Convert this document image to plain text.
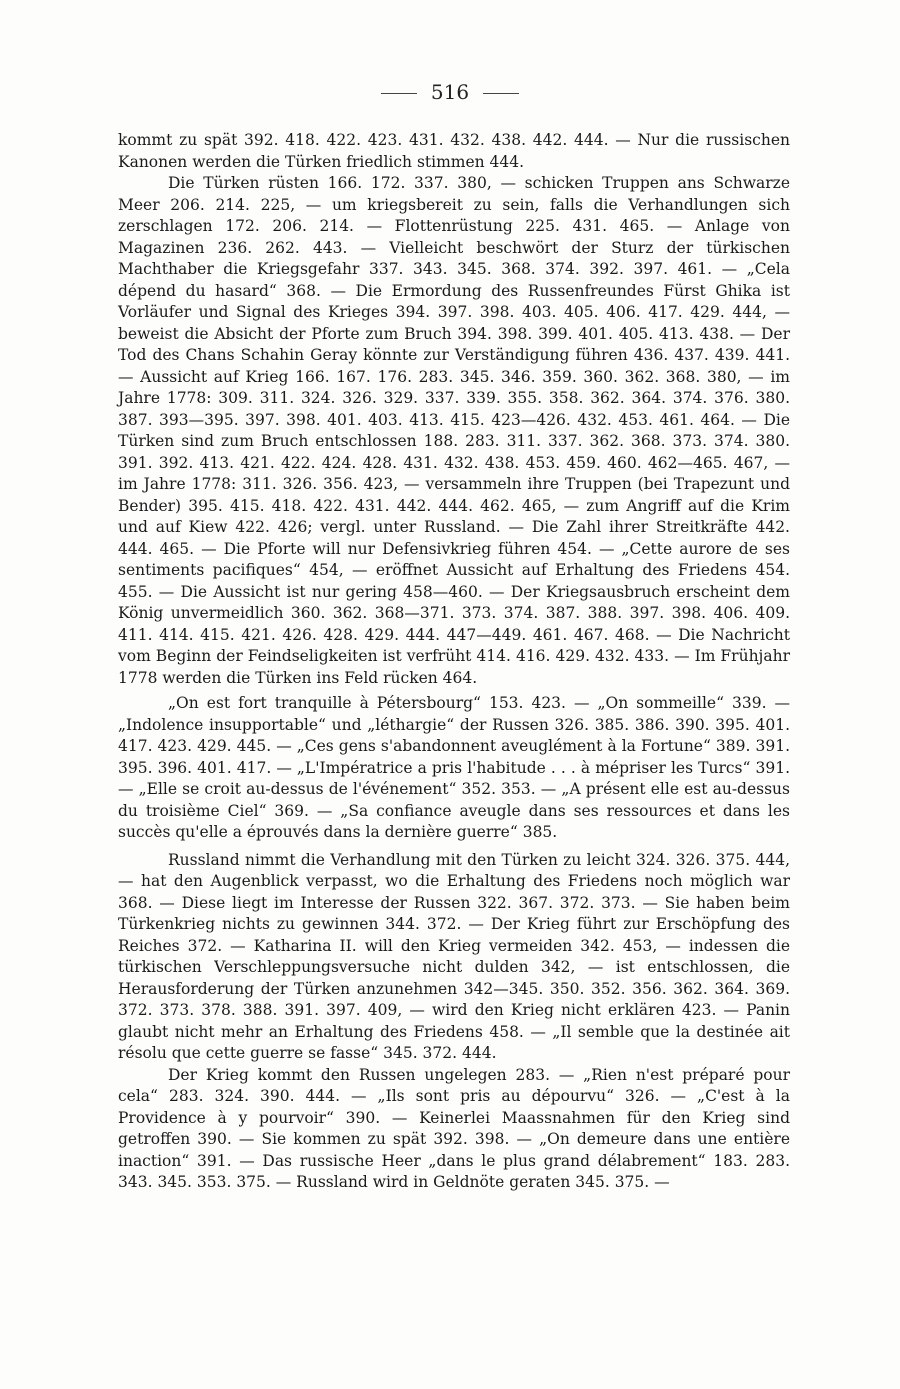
516

kommt zu spät 392. 418. 422. 423. 431. 432. 438. 442. 444. — Nur die russischen Kanonen werden die Türken friedlich stimmen 444.

Die Türken rüsten 166. 172. 337. 380, — schicken Truppen ans Schwarze Meer 206. 214. 225, — um kriegsbereit zu sein, falls die Verhandlungen sich zerschlagen 172. 206. 214. — Flottenrüstung 225. 431. 465. — Anlage von Magazinen 236. 262. 443. — Vielleicht beschwört der Sturz der türkischen Machthaber die Kriegsgefahr 337. 343. 345. 368. 374. 392. 397. 461. — „Cela dépend du hasard“ 368. — Die Ermordung des Russenfreundes Fürst Ghika ist Vorläufer und Signal des Krieges 394. 397. 398. 403. 405. 406. 417. 429. 444, — beweist die Absicht der Pforte zum Bruch 394. 398. 399. 401. 405. 413. 438. — Der Tod des Chans Schahin Geray könnte zur Verständigung führen 436. 437. 439. 441. — Aussicht auf Krieg 166. 167. 176. 283. 345. 346. 359. 360. 362. 368. 380, — im Jahre 1778: 309. 311. 324. 326. 329. 337. 339. 355. 358. 362. 364. 374. 376. 380. 387. 393—395. 397. 398. 401. 403. 413. 415. 423—426. 432. 453. 461. 464. — Die Türken sind zum Bruch entschlossen 188. 283. 311. 337. 362. 368. 373. 374. 380. 391. 392. 413. 421. 422. 424. 428. 431. 432. 438. 453. 459. 460. 462—465. 467, — im Jahre 1778: 311. 326. 356. 423, — versammeln ihre Truppen (bei Trapezunt und Bender) 395. 415. 418. 422. 431. 442. 444. 462. 465, — zum Angriff auf die Krim und auf Kiew 422. 426; vergl. unter Russland. — Die Zahl ihrer Streitkräfte 442. 444. 465. — Die Pforte will nur Defensivkrieg führen 454. — „Cette aurore de ses sentiments pacifiques“ 454, — eröffnet Aussicht auf Erhaltung des Friedens 454. 455. — Die Aussicht ist nur gering 458—460. — Der Kriegsausbruch erscheint dem König unvermeidlich 360. 362. 368—371. 373. 374. 387. 388. 397. 398. 406. 409. 411. 414. 415. 421. 426. 428. 429. 444. 447—449. 461. 467. 468. — Die Nachricht vom Beginn der Feindseligkeiten ist verfrüht 414. 416. 429. 432. 433. — Im Frühjahr 1778 werden die Türken ins Feld rücken 464.

„On est fort tranquille à Pétersbourg“ 153. 423. — „On sommeille“ 339. — „Indolence insupportable“ und „léthargie“ der Russen 326. 385. 386. 390. 395. 401. 417. 423. 429. 445. — „Ces gens s'abandonnent aveuglément à la Fortune“ 389. 391. 395. 396. 401. 417. — „L'Impératrice a pris l'habitude . . . à mépriser les Turcs“ 391. — „Elle se croit au-dessus de l'événement“ 352. 353. — „A présent elle est au-dessus du troisième Ciel“ 369. — „Sa confiance aveugle dans ses ressources et dans les succès qu'elle a éprouvés dans la dernière guerre“ 385.

Russland nimmt die Verhandlung mit den Türken zu leicht 324. 326. 375. 444, — hat den Augenblick verpasst, wo die Erhaltung des Friedens noch möglich war 368. — Diese liegt im Interesse der Russen 322. 367. 372. 373. — Sie haben beim Türkenkrieg nichts zu gewinnen 344. 372. — Der Krieg führt zur Erschöpfung des Reiches 372. — Katharina II. will den Krieg vermeiden 342. 453, — indessen die türkischen Verschleppungsversuche nicht dulden 342, — ist entschlossen, die Herausforderung der Türken anzunehmen 342—345. 350. 352. 356. 362. 364. 369. 372. 373. 378. 388. 391. 397. 409, — wird den Krieg nicht erklären 423. — Panin glaubt nicht mehr an Erhaltung des Friedens 458. — „Il semble que la destinée ait résolu que cette guerre se fasse“ 345. 372. 444.

Der Krieg kommt den Russen ungelegen 283. — „Rien n'est préparé pour cela“ 283. 324. 390. 444. — „Ils sont pris au dépourvu“ 326. — „C'est à la Providence à y pourvoir“ 390. — Keinerlei Maassnahmen für den Krieg sind getroffen 390. — Sie kommen zu spät 392. 398. — „On demeure dans une entière inaction“ 391. — Das russische Heer „dans le plus grand délabrement“ 183. 283. 343. 345. 353. 375. — Russland wird in Geldnöte geraten 345. 375. —
